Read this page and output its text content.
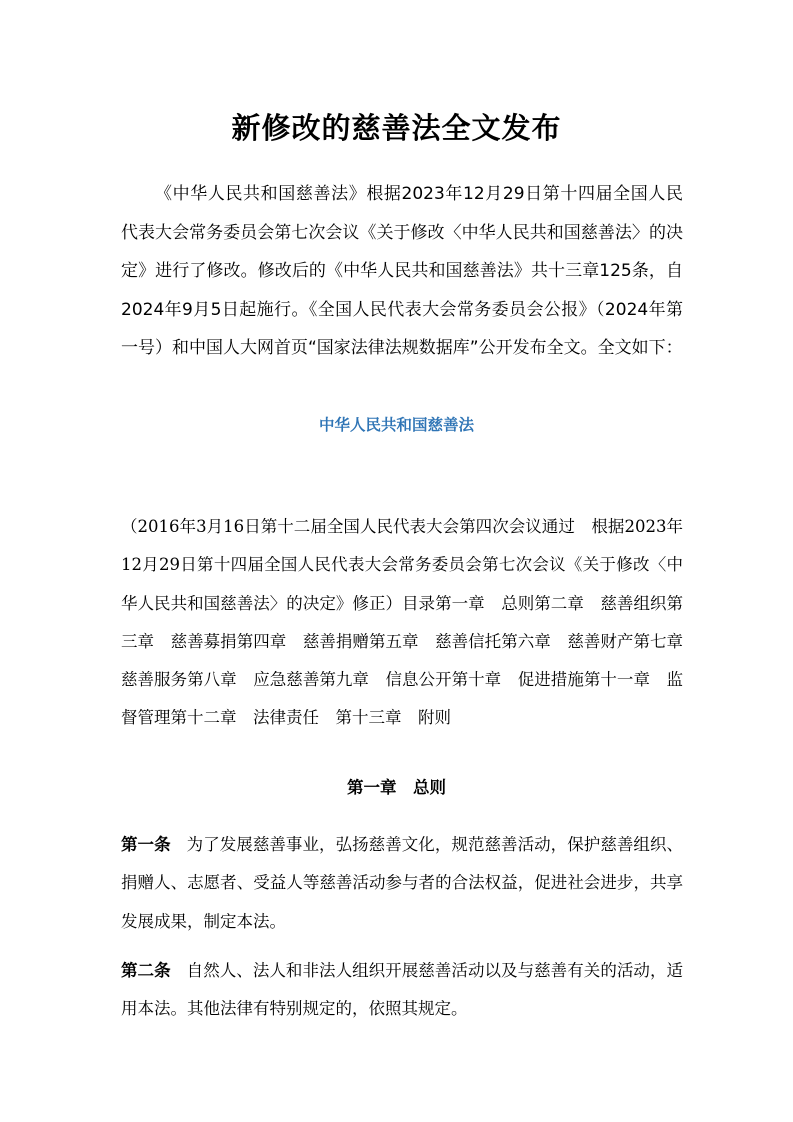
新修改的慈善法全文发布

《中华人民共和国慈善法》根据2023年12月29日第十四届全国人民代表大会常务委员会第七次会议《关于修改〈中华人民共和国慈善法〉的决定》进行了修改。修改后的《中华人民共和国慈善法》共十三章125条，自2024年9月5日起施行。《全国人民代表大会常务委员会公报》（2024年第一号）和中国人大网首页“国家法律法规数据库”公开发布全文。全文如下：

中华人民共和国慈善法

（2016年3月16日第十二届全国人民代表大会第四次会议通过　根据2023年12月29日第十四届全国人民代表大会常务委员会第七次会议《关于修改〈中华人民共和国慈善法〉的决定》修正）目录第一章　总则第二章　慈善组织第三章　慈善募捐第四章　慈善捐赠第五章　慈善信托第六章　慈善财产第七章　慈善服务第八章　应急慈善第九章　信息公开第十章　促进措施第十一章　监督管理第十二章　法律责任　第十三章　附则

第一章　总则

第一条 为了发展慈善事业，弘扬慈善文化，规范慈善活动，保护慈善组织、捐赠人、志愿者、受益人等慈善活动参与者的合法权益，促进社会进步，共享发展成果，制定本法。

第二条 自然人、法人和非法人组织开展慈善活动以及与慈善有关的活动，适用本法。其他法律有特别规定的，依照其规定。
